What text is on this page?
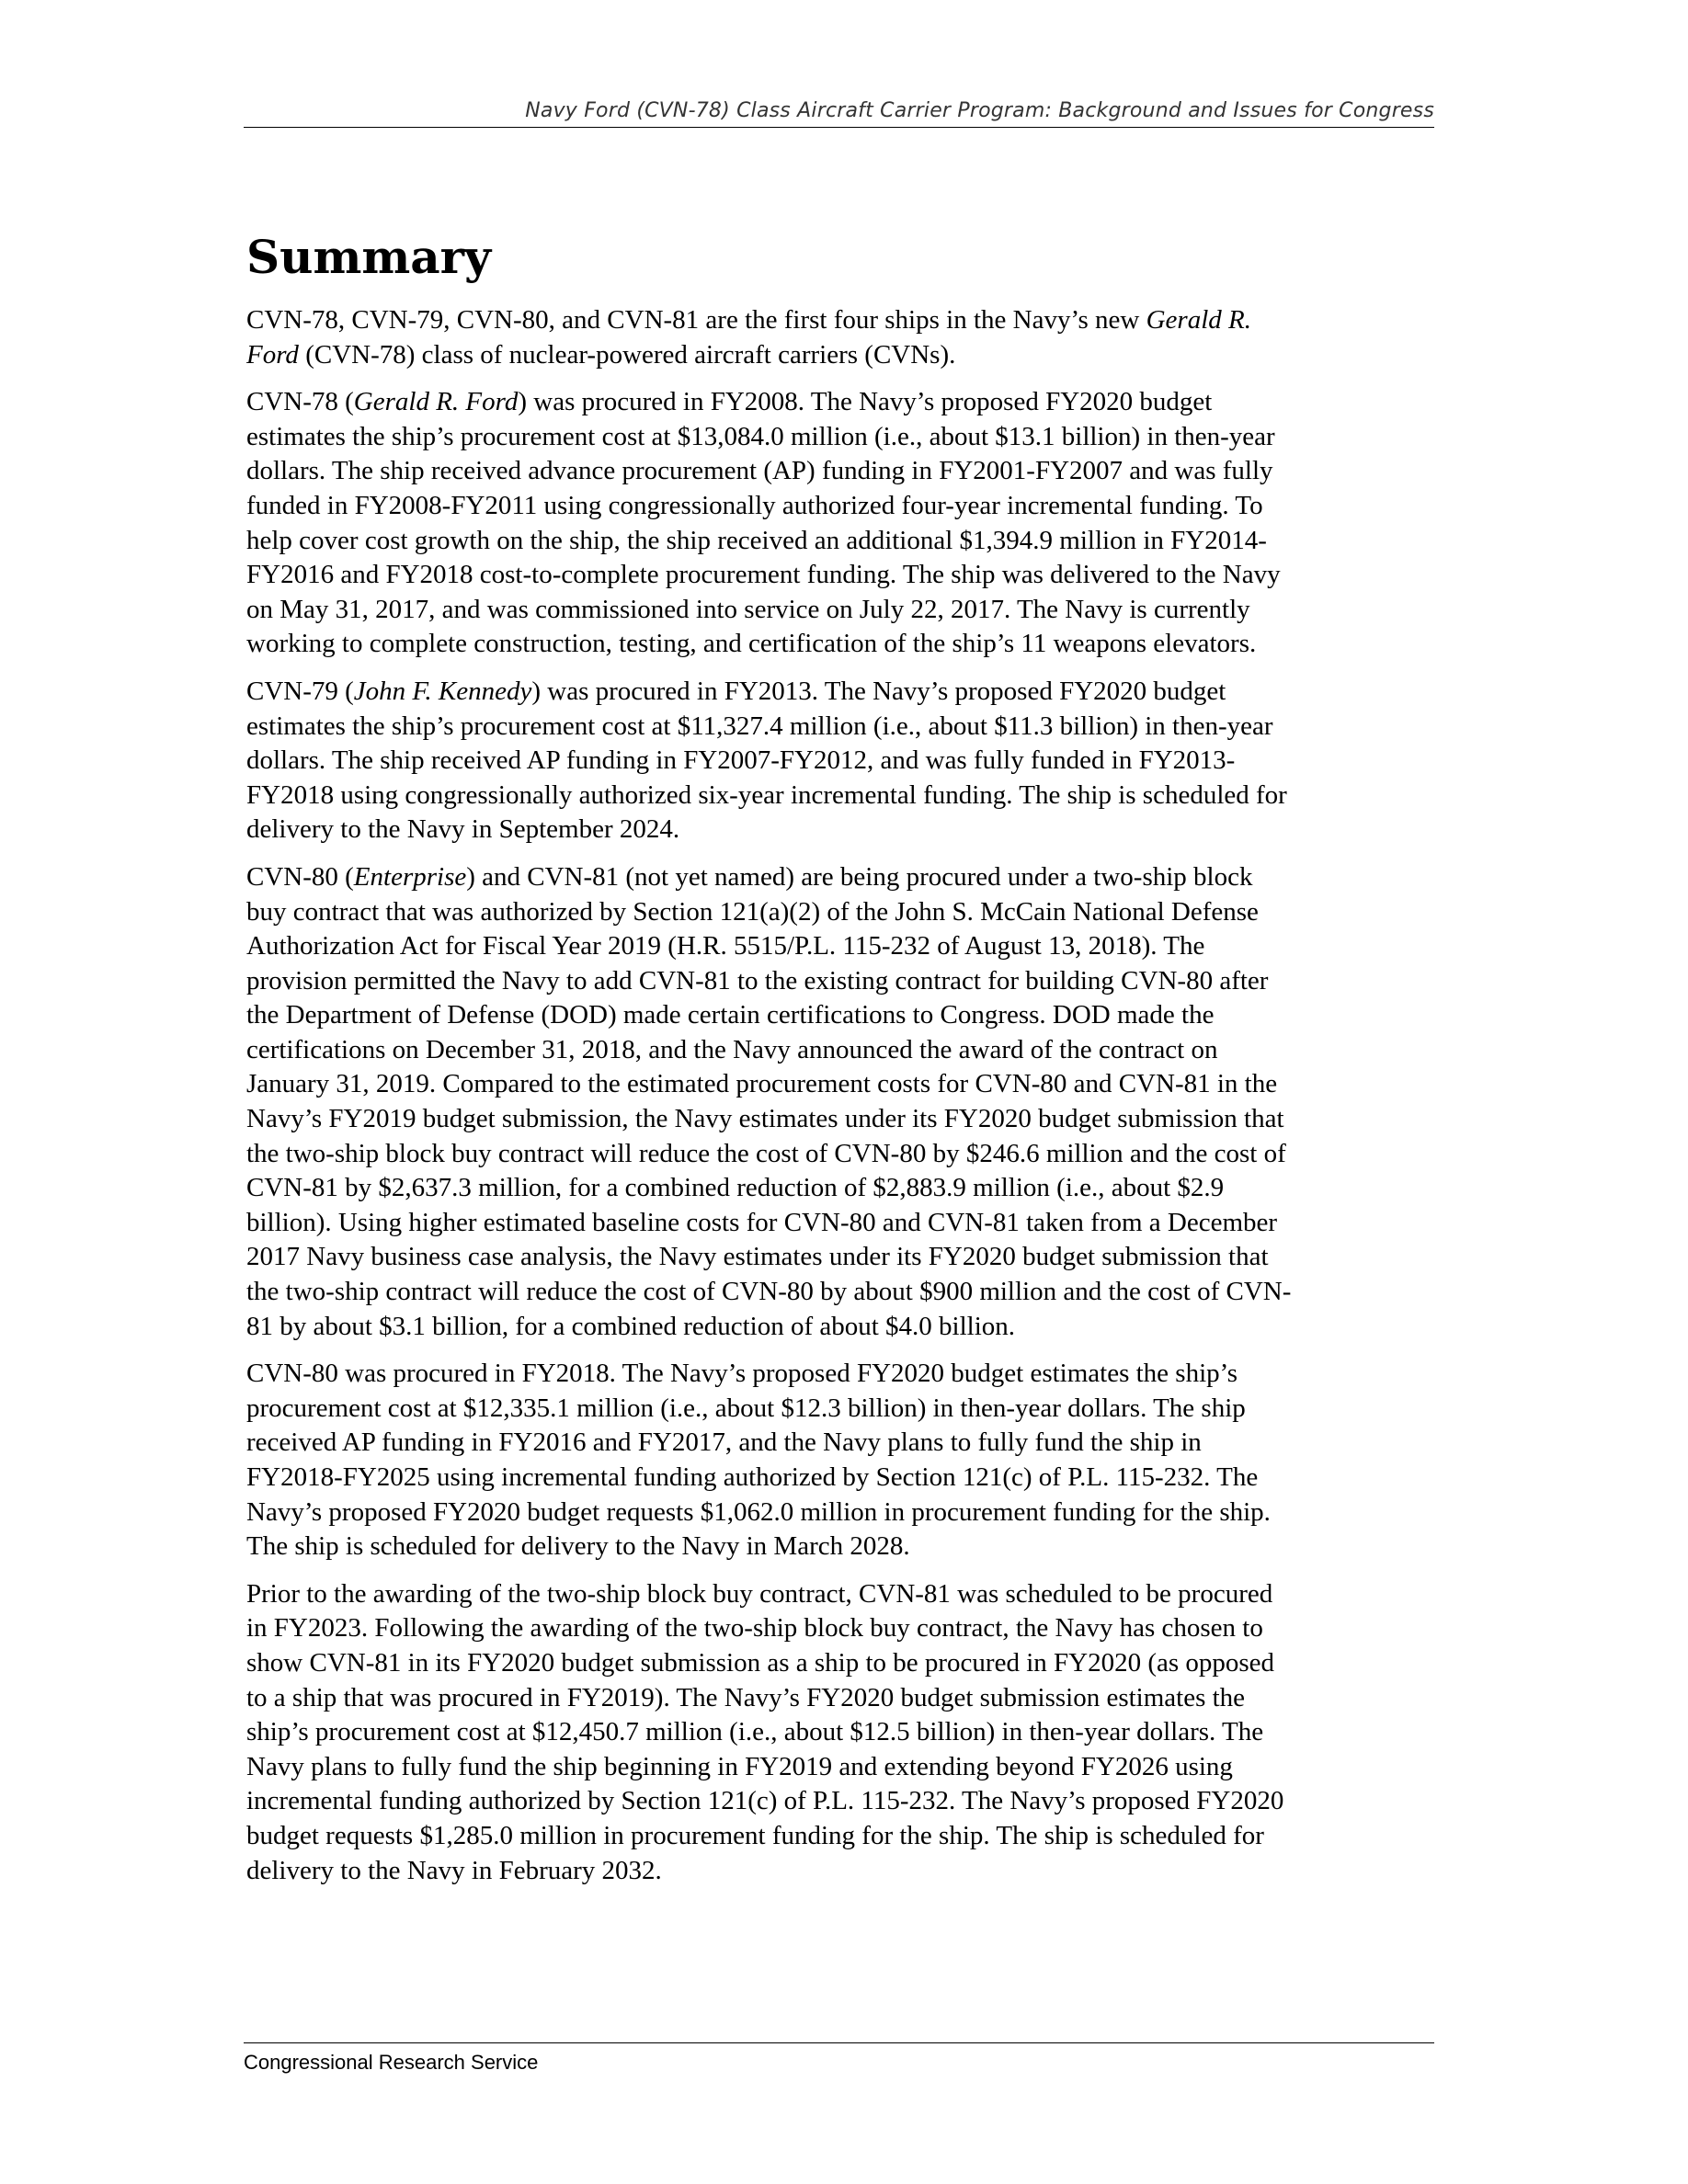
Navy Ford (CVN-78) Class Aircraft Carrier Program: Background and Issues for Congress
Summary

CVN-78, CVN-79, CVN-80, and CVN-81 are the first four ships in the Navy’s new Gerald R.

Ford (CVN-78) class of nuclear-powered aircraft carriers (CVNs).

CVN-78 (Gerald R. Ford) was procured in FY2008. The Navy’s proposed FY2020 budget

estimates the ship’s procurement cost at $13,084.0 million (i.e., about $13.1 billion) in then-year

dollars. The ship received advance procurement (AP) funding in FY2001-FY2007 and was fully

funded in FY2008-FY2011 using congressionally authorized four-year incremental funding. To

help cover cost growth on the ship, the ship received an additional $1,394.9 million in FY2014-

FY2016 and FY2018 cost-to-complete procurement funding. The ship was delivered to the Navy

on May 31, 2017, and was commissioned into service on July 22, 2017. The Navy is currently

working to complete construction, testing, and certification of the ship’s 11 weapons elevators.

CVN-79 (John F. Kennedy) was procured in FY2013. The Navy’s proposed FY2020 budget

estimates the ship’s procurement cost at $11,327.4 million (i.e., about $11.3 billion) in then-year

dollars. The ship received AP funding in FY2007-FY2012, and was fully funded in FY2013-

FY2018 using congressionally authorized six-year incremental funding. The ship is scheduled for

delivery to the Navy in September 2024.

CVN-80 (Enterprise) and CVN-81 (not yet named) are being procured under a two-ship block

buy contract that was authorized by Section 121(a)(2) of the John S. McCain National Defense

Authorization Act for Fiscal Year 2019 (H.R. 5515/P.L. 115-232 of August 13, 2018). The

provision permitted the Navy to add CVN-81 to the existing contract for building CVN-80 after

the Department of Defense (DOD) made certain certifications to Congress. DOD made the

certifications on December 31, 2018, and the Navy announced the award of the contract on

January 31, 2019. Compared to the estimated procurement costs for CVN-80 and CVN-81 in the

Navy’s FY2019 budget submission, the Navy estimates under its FY2020 budget submission that

the two-ship block buy contract will reduce the cost of CVN-80 by $246.6 million and the cost of

CVN-81 by $2,637.3 million, for a combined reduction of $2,883.9 million (i.e., about $2.9

billion). Using higher estimated baseline costs for CVN-80 and CVN-81 taken from a December

2017 Navy business case analysis, the Navy estimates under its FY2020 budget submission that

the two-ship contract will reduce the cost of CVN-80 by about $900 million and the cost of CVN-

81 by about $3.1 billion, for a combined reduction of about $4.0 billion.

CVN-80 was procured in FY2018. The Navy’s proposed FY2020 budget estimates the ship’s

procurement cost at $12,335.1 million (i.e., about $12.3 billion) in then-year dollars. The ship

received AP funding in FY2016 and FY2017, and the Navy plans to fully fund the ship in

FY2018-FY2025 using incremental funding authorized by Section 121(c) of P.L. 115-232. The

Navy’s proposed FY2020 budget requests $1,062.0 million in procurement funding for the ship.

The ship is scheduled for delivery to the Navy in March 2028.

Prior to the awarding of the two-ship block buy contract, CVN-81 was scheduled to be procured

in FY2023. Following the awarding of the two-ship block buy contract, the Navy has chosen to

show CVN-81 in its FY2020 budget submission as a ship to be procured in FY2020 (as opposed

to a ship that was procured in FY2019). The Navy’s FY2020 budget submission estimates the

ship’s procurement cost at $12,450.7 million (i.e., about $12.5 billion) in then-year dollars. The

Navy plans to fully fund the ship beginning in FY2019 and extending beyond FY2026 using

incremental funding authorized by Section 121(c) of P.L. 115-232. The Navy’s proposed FY2020

budget requests $1,285.0 million in procurement funding for the ship. The ship is scheduled for

delivery to the Navy in February 2032.

Congressional Research Service
